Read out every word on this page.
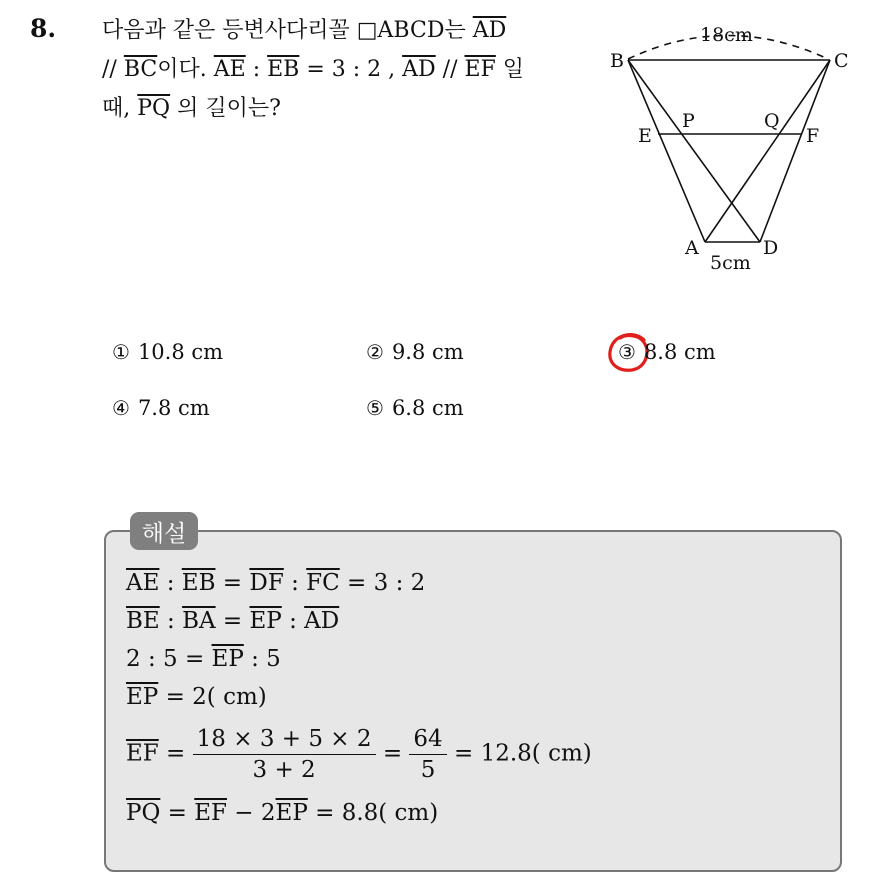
8. 다음과 같은 등변사다리꼴 □ABCD는 $\overline{AD}$
// $\overline{BC}$이다. $\overline{AE}$ : $\overline{EB} = 3$ : 2 , $\overline{AD} // \overline{EF}$ 일
때, $\overline{PQ}$ 의 길이는?
18cm
5cm
B	C
E
P	Q
F
A	D
① 10.8 cm	② 9.8 cm	③ 8.8 cm
④ 7.8 cm	⑤ 6.8 cm
해설
$\overline{AE}$ : $\overline{EB} = \overline{DF}$ : $\overline{FC} = 3$ : 2
$\overline{BE}$ : $\overline{BA} = \overline{EP}$ : $\overline{AD}$
2 : $5 = \overline{EP}$ : 5
$\overline{EP} = 2$( cm)
$\overline{EF} = \frac{18 \times 3 + 5 \times 2}{3 + 2} = \frac{64}{5} = 12.8$( cm)
$\overline{PQ} = \overline{EF} - 2\overline{EP} = 8.8$( cm)
